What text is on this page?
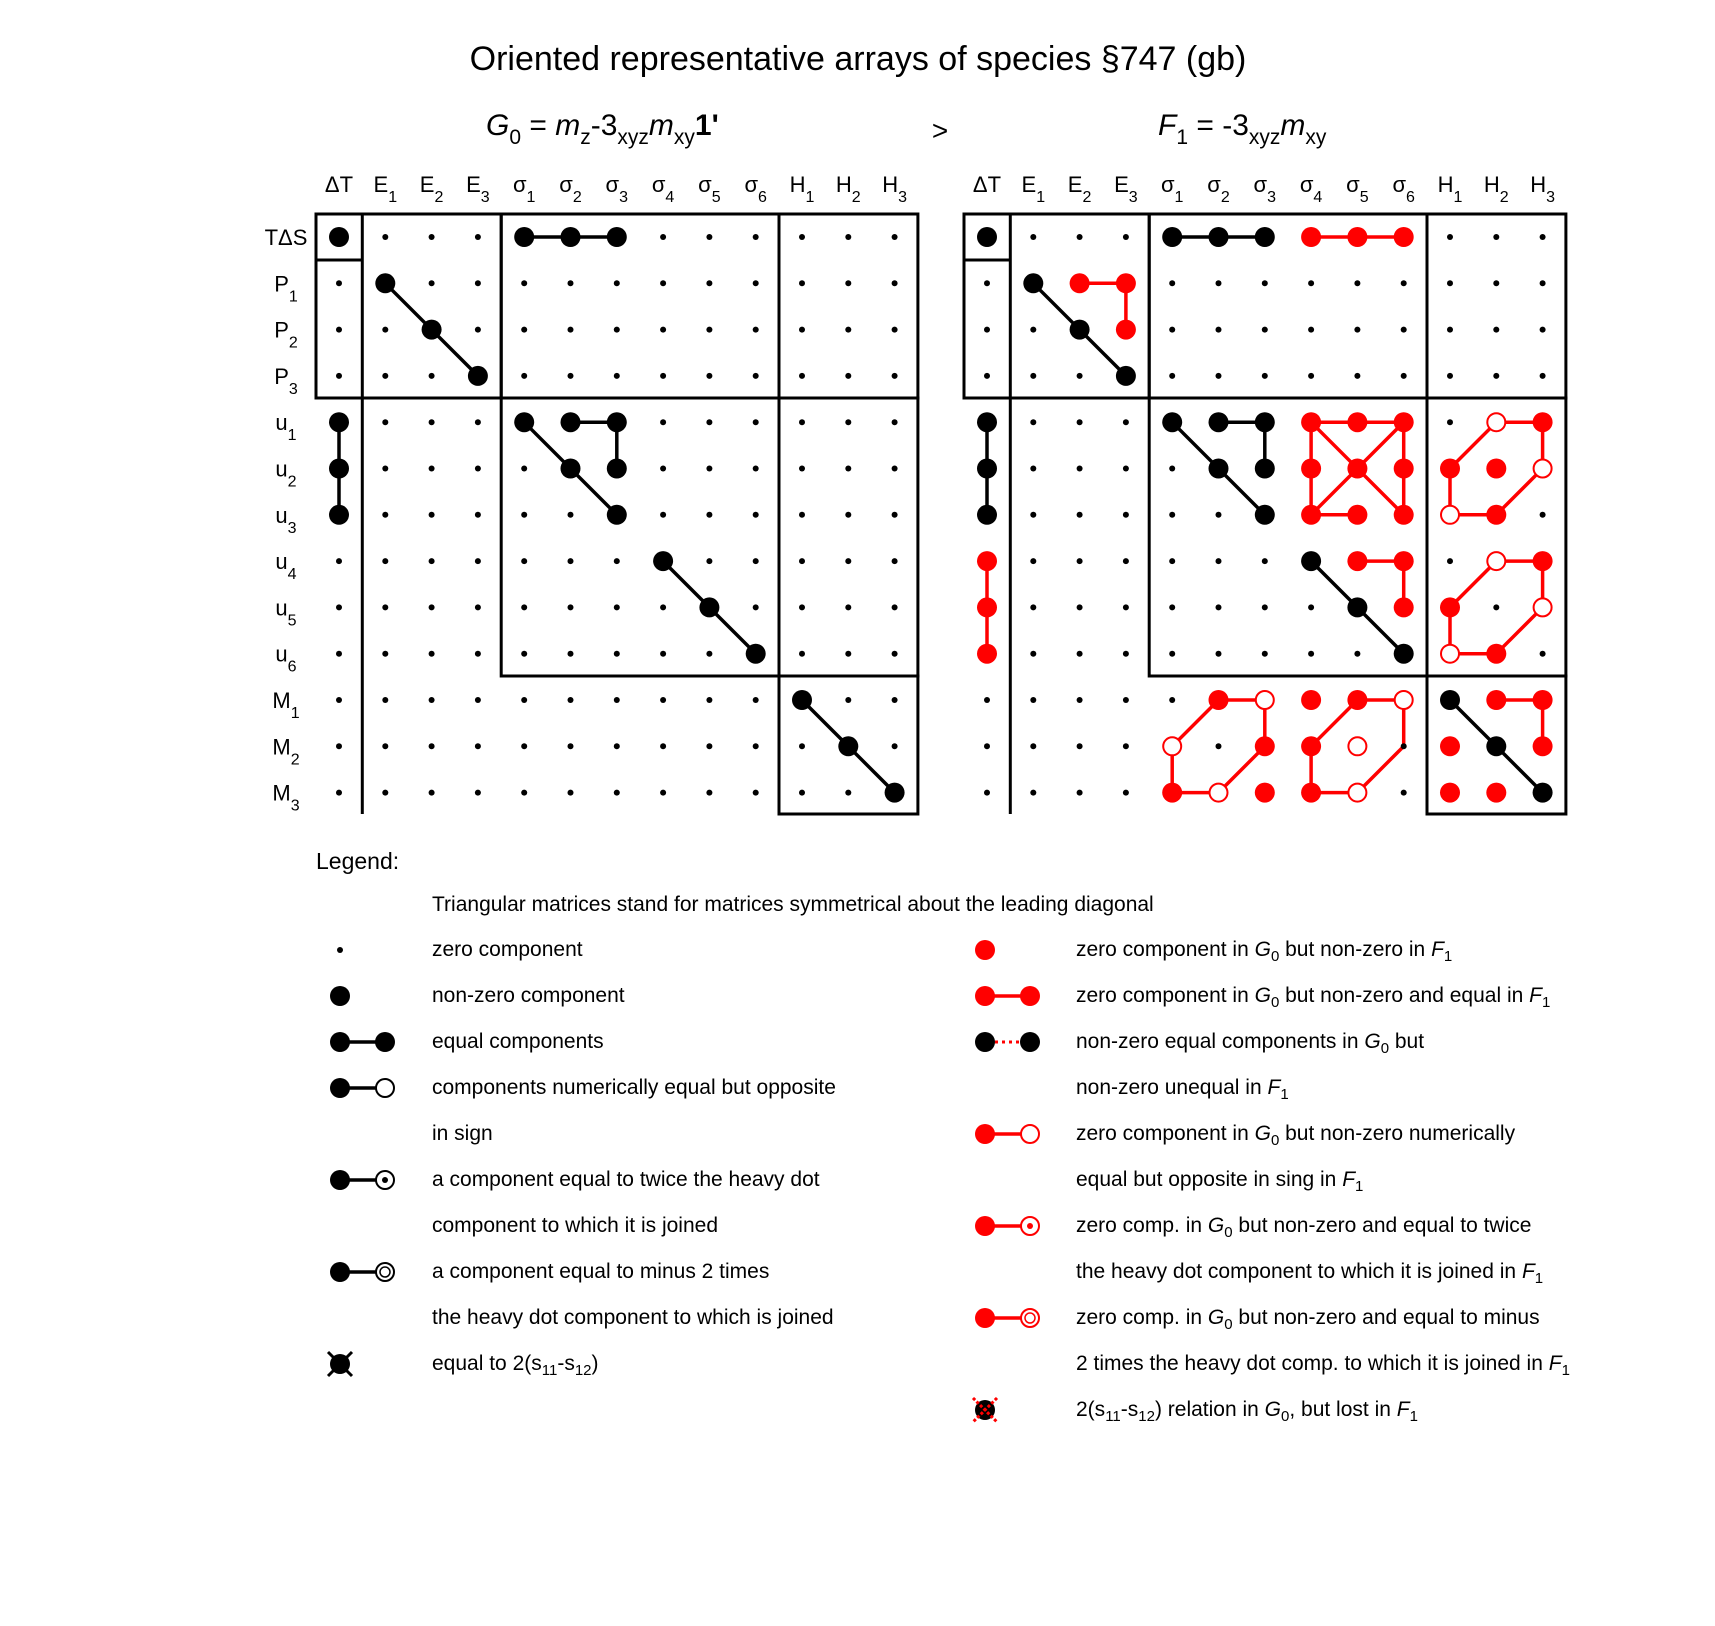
Oriented representative arrays of species §747 (gb)
G0 = mz-3xyzmxy1'	>	F1 = -3xyzmxy
ΔT $E_1$
$E_2$
$E_3$
$\sigma_1$
$\sigma_2$
$\sigma_3$
$\sigma_4$
$\sigma_5$
$\sigma_6$
$H_1$
$H_2$
$H_3$
ΔT $E_1$
$E_2$
$E_3$
$\sigma_1$
$\sigma_2$
$\sigma_3$
$\sigma_4$
$\sigma_5$
$\sigma_6$
$H_1$
$H_2$
$H_3$
TΔS
$P_1$
$P_2$
$P_3$
$u_1$
$u_2$
$u_3$
$u_4$
$u_5$
$u_6$
$M_1$
$M_2$
$M_3$
Legend:
Triangular matrices stand for matrices symmetrical about the leading diagonal
zero component
non-zero component
equal components
components numerically equal but opposite
in sign
a component equal to twice the heavy dot
component to which it is joined
a component equal to minus 2 times
the heavy dot component to which is joined
equal to $2(s_{11}-s_{12})$
zero component in $G_0$ but non-zero in $F_1$
zero component in $G_0$ but non-zero and equal in $F_1$
non-zero equal components in $G_0$ but
non-zero unequal in $F_1$
zero component in $G_0$ but non-zero numerically
equal but opposite in sing in $F_1$
zero comp. in $G_0$ but non-zero and equal to twice
the heavy dot component to which it is joined in $F_1$
zero comp. in $G_0$ but non-zero and equal to minus
2 times the heavy dot comp. to which it is joined in $F_1$
$2(s_{11}-s_{12})$ relation in $G_0$, but lost in $F_1$
